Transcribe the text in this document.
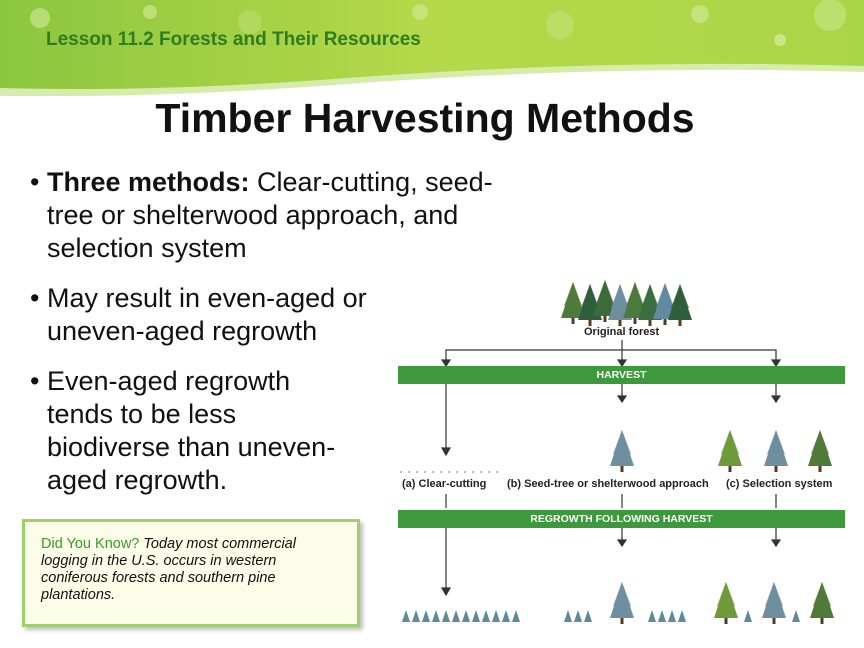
Lesson 11.2 Forests and Their Resources
Timber Harvesting Methods
• Three methods: Clear-cutting, seed-tree or shelterwood approach, and selection system
• May result in even-aged or uneven-aged regrowth
• Even-aged regrowth tends to be less biodiverse than uneven-aged regrowth.
Did You Know? Today most commercial logging in the U.S. occurs in western coniferous forests and southern pine plantations.
Original forest
HARVEST
(a) Clear-cutting (b) Seed-tree or shelterwood approach (c) Selection system
REGROWTH FOLLOWING HARVEST
